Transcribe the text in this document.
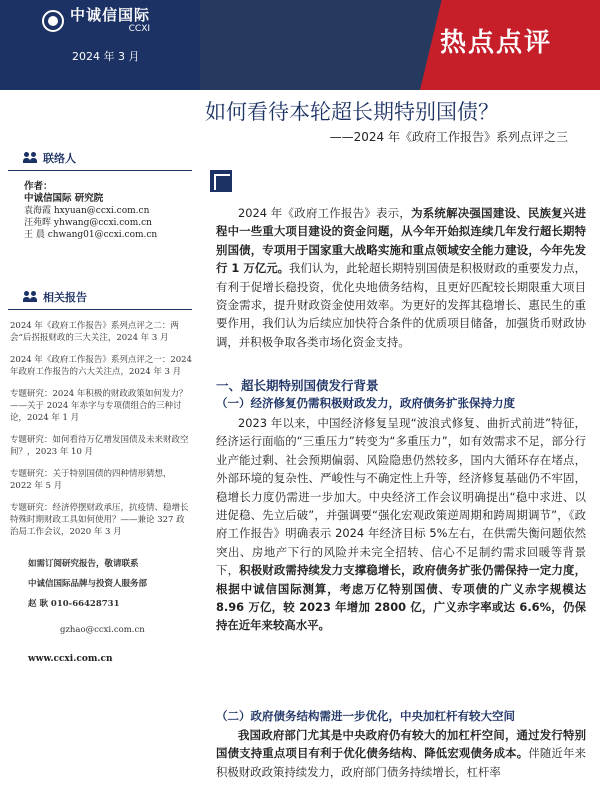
中诚信国际
CCXI
2024 年 3 月	热点点评
如何看待本轮超长期特别国债？
——2024 年《政府工作报告》系列点评之三
联络人
作者：
中诚信国际 研究院
袁海霞 hxyuan@ccxi.com.cn
汪苑晖 yhwang@ccxi.com.cn
王 晨 chwang01@ccxi.com.cn
相关报告
2024 年《政府工作报告》系列点评之二：两会“后拐报财政的三大关注，2024 年 3 月
2024 年《政府工作报告》系列点评之一：2024 年政府工作报告的六大关注点，2024 年 3 月
专题研究：2024 年积极的财政政策如何发力？——关于 2024 年赤字与专项债组合的三种讨论，2024 年 1 月
专题研究：如何看待万亿增发国债及未来财政空间？，2023 年 10 月
专题研究：关于特别国债的四种情形猜想，2022 年 5 月
专题研究：经济停摆财政承压，抗疫情、稳增长特殊时期财政工具如何使用？——兼论 327 政治局工作会议，2020 年 3 月
如需订阅研究报告，敬请联系
中诚信国际品牌与投资人服务部
赵 耿 010-66428731
gzhao@ccxi.com.cn
www.ccxi.com.cn

2024 年《政府工作报告》表示，为系统解决强国建设、民族复兴进程中一些重大项目建设的资金问题，从今年开始拟连续几年发行超长期特别国债，专项用于国家重大战略实施和重点领域安全能力建设，今年先发行 1 万亿元。我们认为，此轮超长期特别国债是积极财政的重要发力点，有利于促增长稳投资，优化央地债务结构，且更好匹配较长期限重大项目资金需求，提升财政资金使用效率。为更好的发挥其稳增长、惠民生的重要作用，我们认为后续应加快符合条件的优质项目储备，加强货币财政协调，并积极争取各类市场化资金支持。

一、超长期特别国债发行背景
（一）经济修复仍需积极财政发力，政府债务扩张保持力度

2023 年以来，中国经济修复呈现“波浪式修复、曲折式前进”特征，经济运行面临的“三重压力”转变为“多重压力”，如有效需求不足，部分行业产能过剩、社会预期偏弱、风险隐患仍然较多，国内大循环存在堵点，外部环境的复杂性、严峻性与不确定性上升等，经济修复基础仍不牢固，稳增长力度仍需进一步加大。中央经济工作会议明确提出“稳中求进、以进促稳、先立后破”，并强调要“强化宏观政策逆周期和跨周期调节”，《政府工作报告》明确表示 2024 年经济目标 5%左右，在供需失衡问题依然突出、房地产下行的风险并未完全招转、信心不足制约需求回暖等背景下，积极财政需持续发力支撑稳增长，政府债务扩张仍需保持一定力度，根据中诚信国际测算，考虑万亿特别国债、专项债的广义赤字规模达 8.96 万亿，较 2023 年增加 2800 亿，广义赤字率或达 6.6%，仍保持在近年来较高水平。

（二）政府债务结构需进一步优化，中央加杠杆有较大空间

我国政府部门尤其是中央政府仍有较大的加杠杆空间，通过发行特别国债支持重点项目有利于优化债务结构、降低宏观债务成本。伴随近年来积极财政政策持续发力，政府部门债务持续增长，杠杆率
